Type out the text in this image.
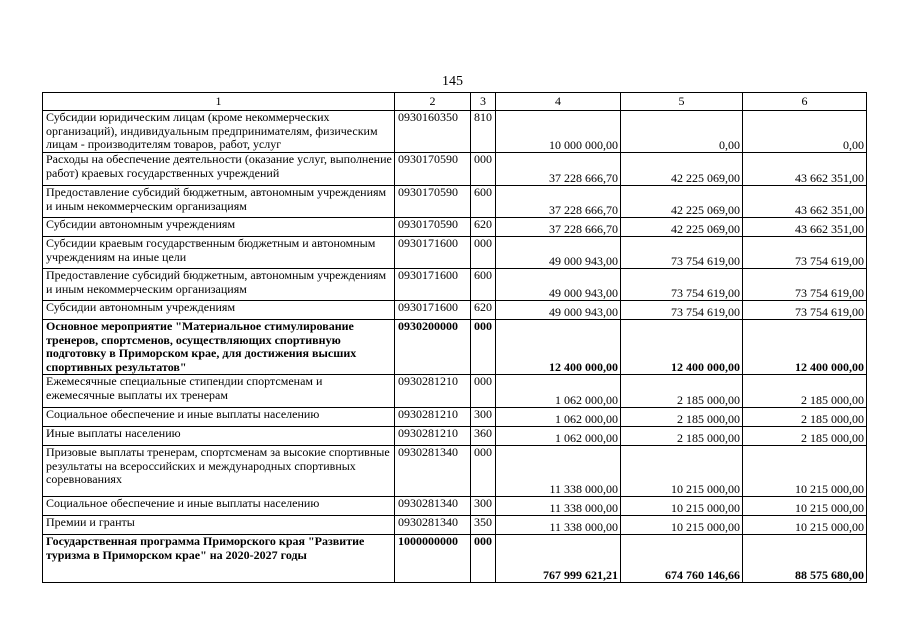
145
1	2	3	4	5	6
Субсидии юридическим лицам (кроме некоммерческих организаций), индивидуальным предпринимателям, физическим лицам - производителям товаров, работ, услуг	0930160350	810	10 000 000,00	0,00	0,00
Расходы на обеспечение деятельности (оказание услуг, выполнение работ) краевых государственных учреждений	0930170590	000	37 228 666,70	42 225 069,00	43 662 351,00
Предоставление субсидий бюджетным, автономным учреждениям и иным некоммерческим организациям	0930170590	600	37 228 666,70	42 225 069,00	43 662 351,00
Субсидии автономным учреждениям	0930170590	620	37 228 666,70	42 225 069,00	43 662 351,00
Субсидии краевым государственным бюджетным и автономным учреждениям на иные цели	0930171600	000	49 000 943,00	73 754 619,00	73 754 619,00
Предоставление субсидий бюджетным, автономным учреждениям и иным некоммерческим организациям	0930171600	600	49 000 943,00	73 754 619,00	73 754 619,00
Субсидии автономным учреждениям	0930171600	620	49 000 943,00	73 754 619,00	73 754 619,00
Основное мероприятие "Материальное стимулирование тренеров, спортсменов, осуществляющих спортивную подготовку в Приморском крае, для достижения высших спортивных результатов"	0930200000	000	12 400 000,00	12 400 000,00	12 400 000,00
Ежемесячные специальные стипендии спортсменам и ежемесячные выплаты их тренерам	0930281210	000	1 062 000,00	2 185 000,00	2 185 000,00
Социальное обеспечение и иные выплаты населению	0930281210	300	1 062 000,00	2 185 000,00	2 185 000,00
Иные выплаты населению	0930281210	360	1 062 000,00	2 185 000,00	2 185 000,00
Призовые выплаты тренерам, спортсменам за высокие спортивные результаты на всероссийских и международных спортивных соревнованиях	0930281340	000	11 338 000,00	10 215 000,00	10 215 000,00
Социальное обеспечение и иные выплаты населению	0930281340	300	11 338 000,00	10 215 000,00	10 215 000,00
Премии и гранты	0930281340	350	11 338 000,00	10 215 000,00	10 215 000,00
Государственная программа Приморского края "Развитие туризма в Приморском крае" на 2020-2027 годы	1000000000	000	767 999 621,21	674 760 146,66	88 575 680,00
